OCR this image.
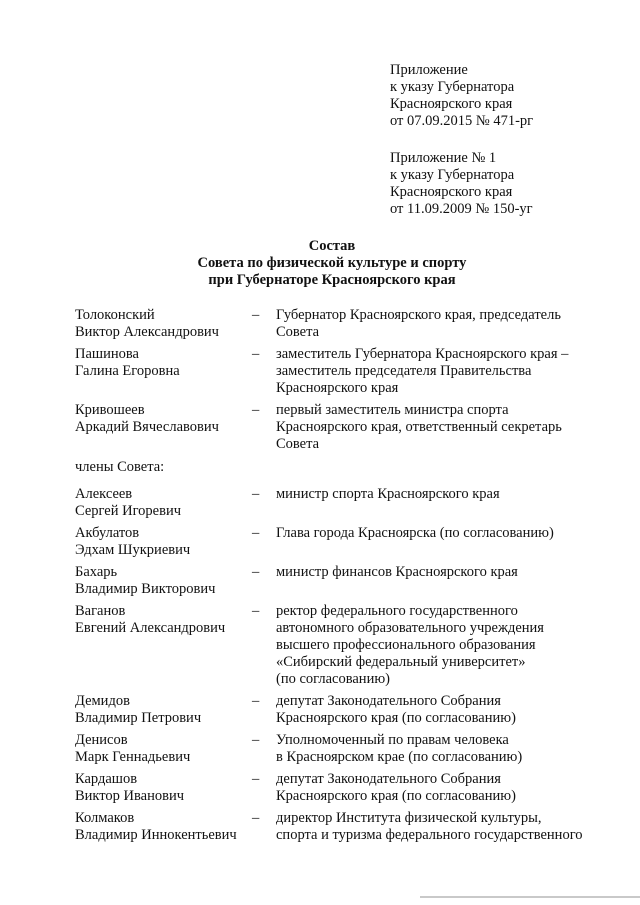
Приложение
к указу Губернатора
Красноярского края
от 07.09.2015 № 471-рг
Приложение № 1
к указу Губернатора
Красноярского края
от 11.09.2009 № 150-уг
Состав
Совета по физической культуре и спорту
при Губернаторе Красноярского края
Толоконский
Виктор Александрович
–	Губернатор Красноярского края, председатель
Совета
Пашинова
Галина Егоровна
–	заместитель Губернатора Красноярского края –
заместитель председателя Правительства
Красноярского края
Кривошеев
Аркадий Вячеславович
–	первый заместитель министра спорта
Красноярского края, ответственный секретарь
Совета
члены Совета:
Алексеев
Сергей Игоревич
–	министр спорта Красноярского края
Акбулатов
Эдхам Шукриевич
–	Глава города Красноярска (по согласованию)
Бахарь
Владимир Викторович
–	министр финансов Красноярского края
Ваганов
Евгений Александрович
–	ректор федерального государственного
автономного образовательного учреждения
высшего профессионального образования
«Сибирский федеральный университет»
(по согласованию)
Демидов
Владимир Петрович
–	депутат Законодательного Собрания
Красноярского края (по согласованию)
Денисов
Марк Геннадьевич
–	Уполномоченный по правам человека
в Красноярском крае (по согласованию)
Кардашов
Виктор Иванович
–	депутат Законодательного Собрания
Красноярского края (по согласованию)
Колмаков
Владимир Иннокентьевич
–	директор Института физической культуры,
спорта и туризма федерального государственного
